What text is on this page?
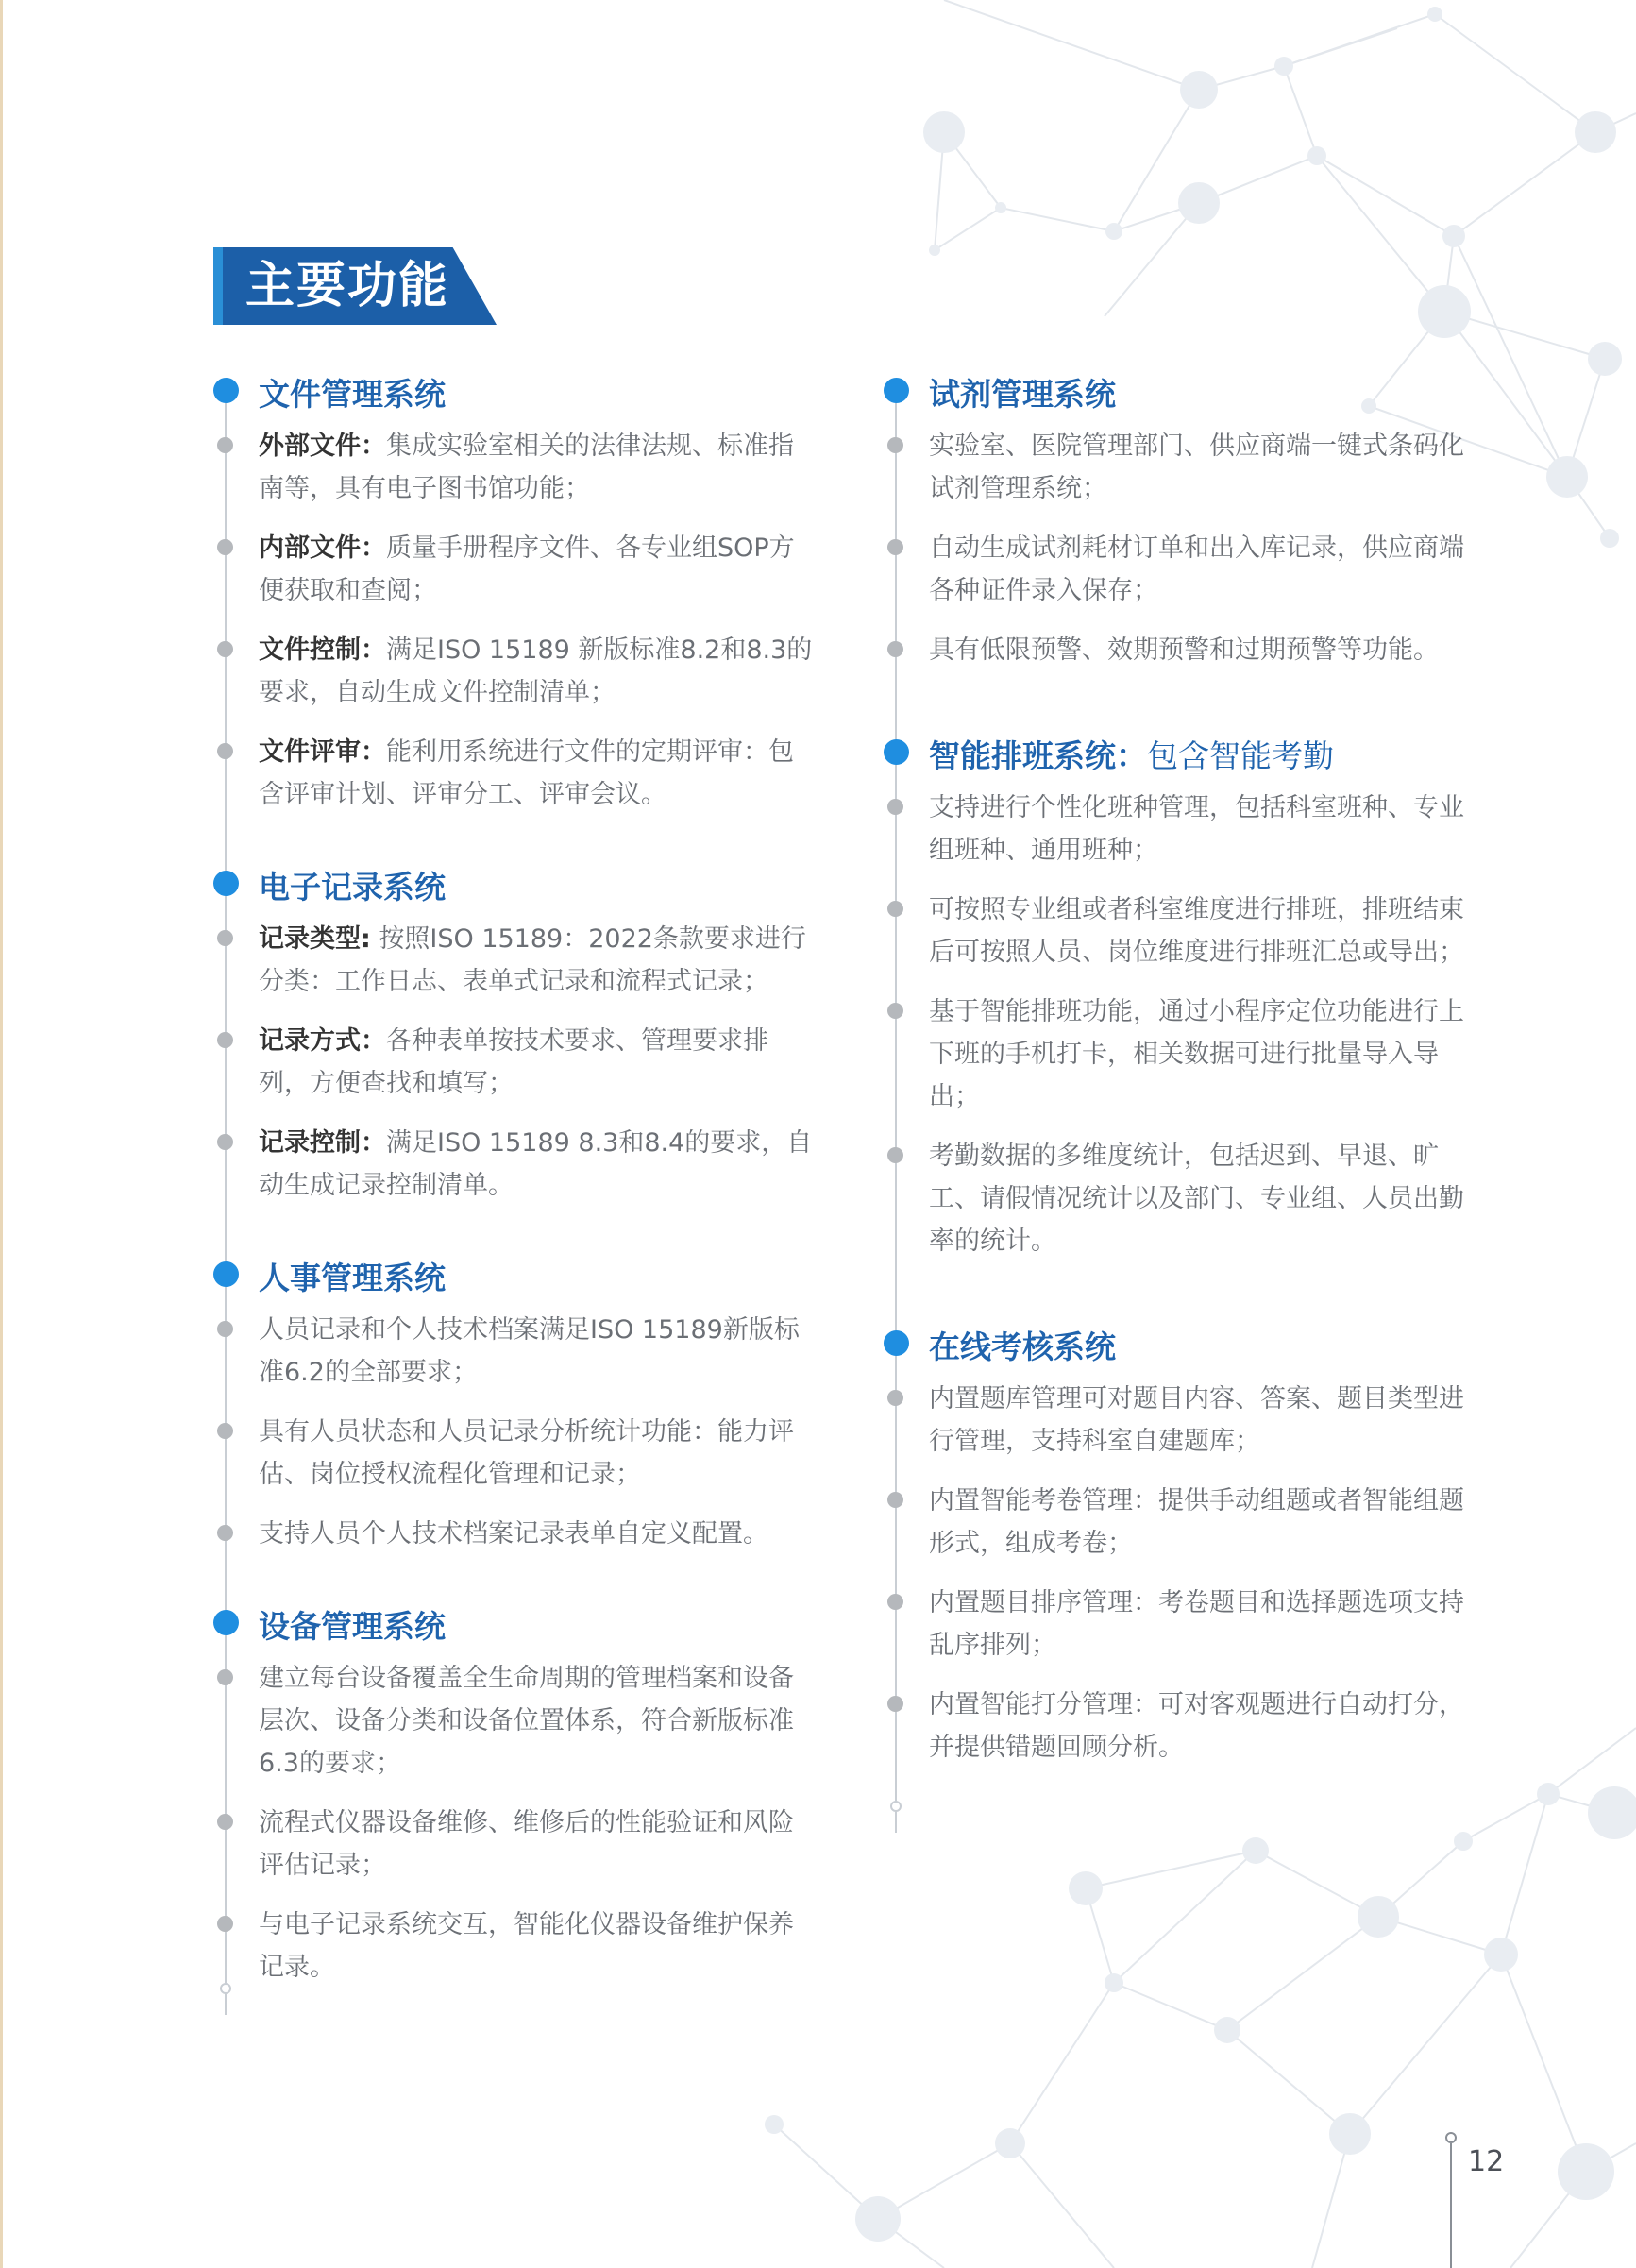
主要功能
文件管理系统
外部文件：集成实验室相关的法律法规、标准指南等，具有电子图书馆功能；
内部文件：质量手册程序文件、各专业组SOP方便获取和查阅；
文件控制：满足ISO 15189 新版标准8.2和8.3的要求，自动生成文件控制清单；
文件评审：能利用系统进行文件的定期评审：包含评审计划、评审分工、评审会议。
电子记录系统
记录类型: 按照ISO 15189：2022条款要求进行分类：工作日志、表单式记录和流程式记录；
记录方式：各种表单按技术要求、管理要求排列，方便查找和填写；
记录控制：满足ISO 15189 8.3和8.4的要求，自动生成记录控制清单。
人事管理系统
人员记录和个人技术档案满足ISO 15189新版标准6.2的全部要求；
具有人员状态和人员记录分析统计功能：能力评估、岗位授权流程化管理和记录；
支持人员个人技术档案记录表单自定义配置。
设备管理系统
建立每台设备覆盖全生命周期的管理档案和设备层次、设备分类和设备位置体系，符合新版标准6.3的要求；
流程式仪器设备维修、维修后的性能验证和风险评估记录；
与电子记录系统交互，智能化仪器设备维护保养记录。
试剂管理系统
实验室、医院管理部门、供应商端一键式条码化试剂管理系统；
自动生成试剂耗材订单和出入库记录，供应商端各种证件录入保存；
具有低限预警、效期预警和过期预警等功能。
智能排班系统：包含智能考勤
支持进行个性化班种管理，包括科室班种、专业组班种、通用班种；
可按照专业组或者科室维度进行排班，排班结束后可按照人员、岗位维度进行排班汇总或导出；
基于智能排班功能，通过小程序定位功能进行上下班的手机打卡，相关数据可进行批量导入导出；
考勤数据的多维度统计，包括迟到、早退、旷工、请假情况统计以及部门、专业组、人员出勤率的统计。
在线考核系统
内置题库管理可对题目内容、答案、题目类型进行管理，支持科室自建题库；
内置智能考卷管理：提供手动组题或者智能组题形式，组成考卷；
内置题目排序管理：考卷题目和选择题选项支持乱序排列；
内置智能打分管理：可对客观题进行自动打分，并提供错题回顾分析。
12
